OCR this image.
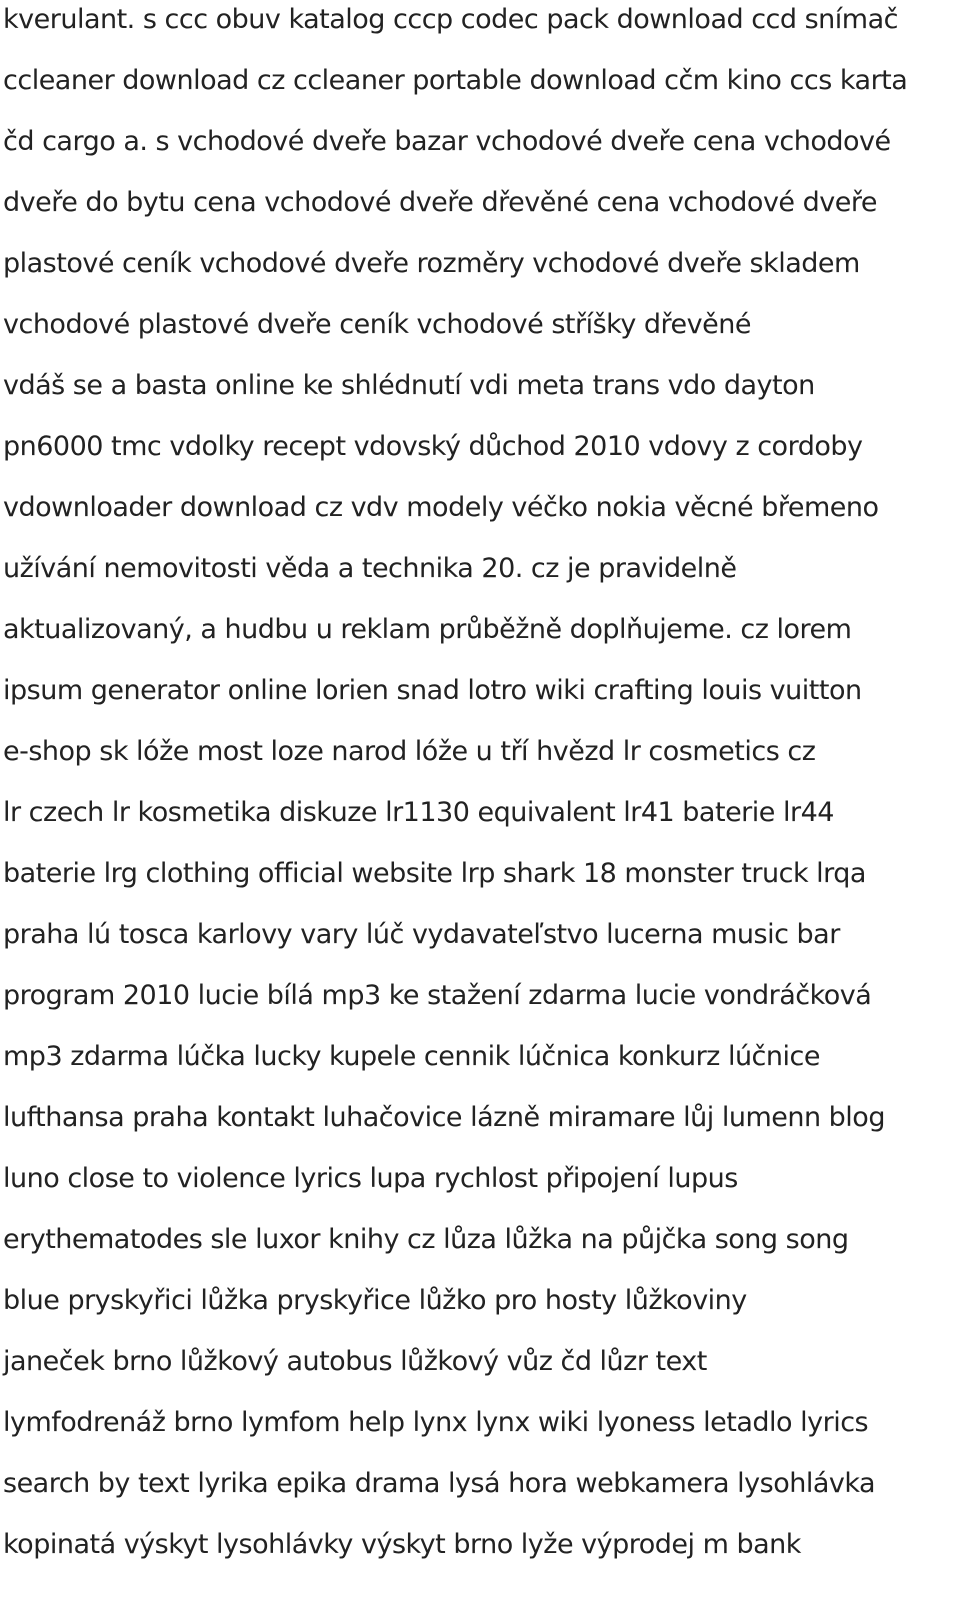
kverulant. s ccc obuv katalog cccp codec pack download ccd snímač
ccleaner download cz ccleaner portable download cčm kino ccs karta
čd cargo a. s vchodové dveře bazar vchodové dveře cena vchodové
dveře do bytu cena vchodové dveře dřevěné cena vchodové dveře
plastové ceník vchodové dveře rozměry vchodové dveře skladem
vchodové plastové dveře ceník vchodové stříšky dřevěné
vdáš se a basta online ke shlédnutí vdi meta trans vdo dayton
pn6000 tmc vdolky recept vdovský důchod 2010 vdovy z cordoby
vdownloader download cz vdv modely véčko nokia věcné břemeno
užívání nemovitosti věda a technika 20. cz je pravidelně
aktualizovaný, a hudbu u reklam průběžně doplňujeme. cz lorem
ipsum generator online lorien snad lotro wiki crafting louis vuitton
e-shop sk lóže most loze narod lóže u tří hvězd lr cosmetics cz
lr czech lr kosmetika diskuze lr1130 equivalent lr41 baterie lr44
baterie lrg clothing official website lrp shark 18 monster truck lrqa
praha lú tosca karlovy vary lúč vydavateľstvo lucerna music bar
program 2010 lucie bílá mp3 ke stažení zdarma lucie vondráčková
mp3 zdarma lúčka lucky kupele cennik lúčnica konkurz lúčnice
lufthansa praha kontakt luhačovice lázně miramare lůj lumenn blog
luno close to violence lyrics lupa rychlost připojení lupus
erythematodes sle luxor knihy cz lůza lůžka na půjčka song song
blue pryskyřici lůžka pryskyřice lůžko pro hosty lůžkoviny
janeček brno lůžkový autobus lůžkový vůz čd lůzr text
lymfodrenáž brno lymfom help lynx lynx wiki lyoness letadlo lyrics
search by text lyrika epika drama lysá hora webkamera lysohlávka
kopinatá výskyt lysohlávky výskyt brno lyže výprodej m bank
